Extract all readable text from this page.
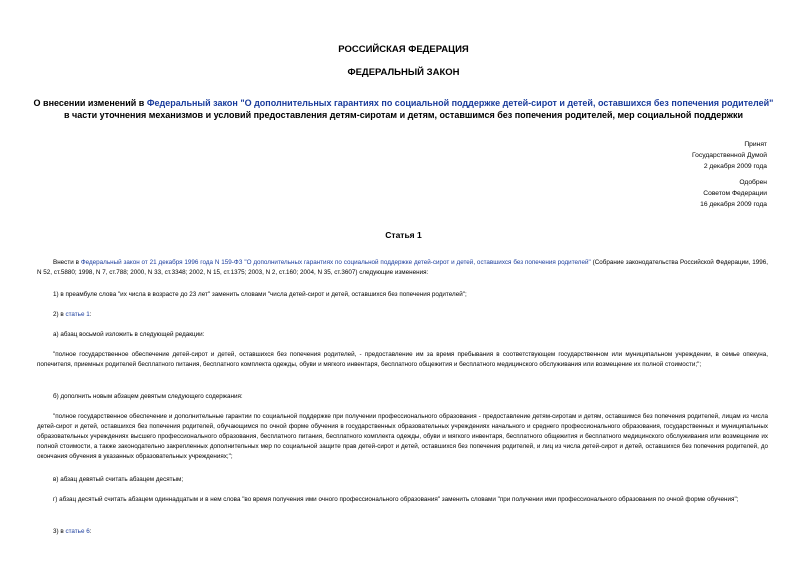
РОССИЙСКАЯ ФЕДЕРАЦИЯ
ФЕДЕРАЛЬНЫЙ ЗАКОН
О внесении изменений в Федеральный закон "О дополнительных гарантиях по социальной поддержке детей-сирот и детей, оставшихся без попечения родителей"
в части уточнения механизмов и условий предоставления детям-сиротам и детям, оставшимся без попечения родителей, мер социальной поддержки
Принят
Государственной Думой
2 декабря 2009 года
Одобрен
Советом Федерации
16 декабря 2009 года
Статья 1
Внести в Федеральный закон от 21 декабря 1996 года N 159-ФЗ "О дополнительных гарантиях по социальной поддержке детей-сирот и детей, оставшихся без попечения родителей" (Собрание законодательства Российской Федерации, 1996, N 52, ст.5880; 1998, N 7, ст.788; 2000, N 33, ст.3348; 2002, N 15, ст.1375; 2003, N 2, ст.160; 2004, N 35, ст.3607) следующие изменения:
1) в преамбуле слова "их числа в возрасте до 23 лет" заменить словами "числа детей-сирот и детей, оставшихся без попечения родителей";
2) в статье 1:
а) абзац восьмой изложить в следующей редакции:
"полное государственное обеспечение детей-сирот и детей, оставшихся без попечения родителей, - предоставление им за время пребывания в соответствующем государственном или муниципальном учреждении, в семье опекуна, попечителя, приемных родителей бесплатного питания, бесплатного комплекта одежды, обуви и мягкого инвентаря, бесплатного общежития и бесплатного медицинского обслуживания или возмещение их полной стоимости;";
б) дополнить новым абзацем девятым следующего содержания:
"полное государственное обеспечение и дополнительные гарантии по социальной поддержке при получении профессионального образования - предоставление детям-сиротам и детям, оставшимся без попечения родителей, лицам из числа детей-сирот и детей, оставшихся без попечения родителей, обучающимся по очной форме обучения в государственных образовательных учреждениях начального и среднего профессионального образования, государственных и муниципальных образовательных учреждениях высшего профессионального образования, бесплатного питания, бесплатного комплекта одежды, обуви и мягкого инвентаря, бесплатного общежития и бесплатного медицинского обслуживания или возмещение их полной стоимости, а также законодательно закрепленных дополнительных мер по социальной защите прав детей-сирот и детей, оставшихся без попечения родителей, и лиц из числа детей-сирот и детей, оставшихся без попечения родителей, до окончания обучения в указанных образовательных учреждениях;";
в) абзац девятый считать абзацем десятым;
г) абзац десятый считать абзацем одиннадцатым и в нем слова "во время получения ими очного профессионального образования" заменить словами "при получении ими профессионального образования по очной форме обучения";
3) в статье 6:
